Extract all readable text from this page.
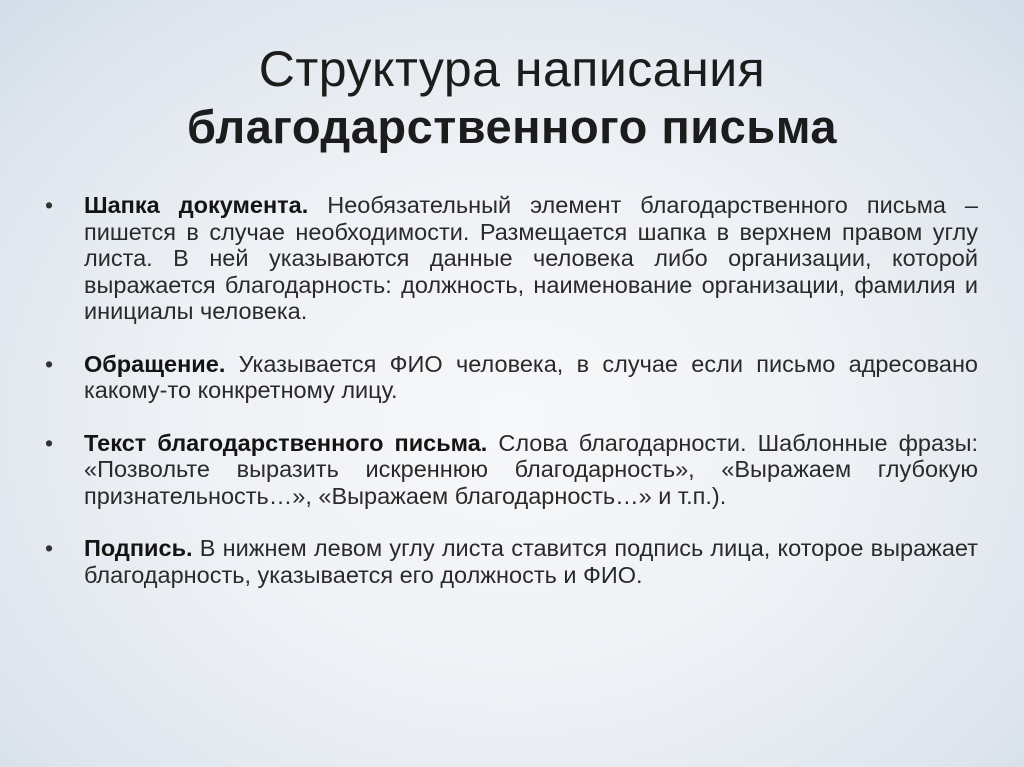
Структура написания
благодарственного письма
• Шапка документа. Необязательный элемент благодарственного письма – пишется в случае необходимости. Размещается шапка в верхнем правом углу листа. В ней указываются данные человека либо организации, которой выражается благодарность: должность, наименование организации, фамилия и инициалы человека.
• Обращение. Указывается ФИО человека, в случае если письмо адресовано какому-то конкретному лицу.
• Текст благодарственного письма. Слова благодарности. Шаблонные фразы: «Позвольте выразить искреннюю благодарность», «Выражаем глубокую признательность…», «Выражаем благодарность…» и т.п.).
• Подпись. В нижнем левом углу листа ставится подпись лица, которое выражает благодарность, указывается его должность и ФИО.
